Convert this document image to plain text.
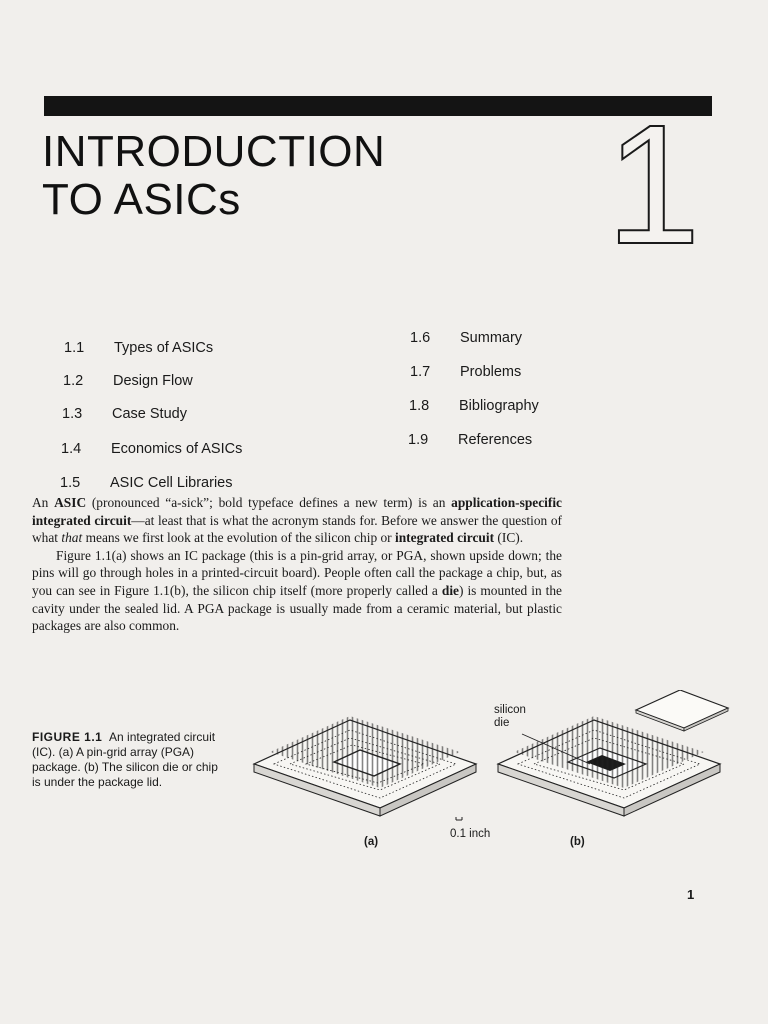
INTRODUCTION
TO ASICs	1
1.1 Types of ASICs
1.2 Design Flow
1.3 Case Study
1.4 Economics of ASICs
1.5 ASIC Cell Libraries
1.6 Summary
1.7 Problems
1.8 Bibliography
1.9 References

An ASIC (pronounced “a-sick”; bold typeface defines a new term) is an application-specific integrated circuit—at least that is what the acronym stands for. Before we answer the question of what that means we first look at the evolution of the silicon chip or integrated circuit (IC).

Figure 1.1(a) shows an IC package (this is a pin-grid array, or PGA, shown upside down; the pins will go through holes in a printed-circuit board). People often call the package a chip, but, as you can see in Figure 1.1(b), the silicon chip itself (more properly called a die) is mounted in the cavity under the sealed lid. A PGA package is usually made from a ceramic material, but plastic packages are also common.

FIGURE 1.1 An integrated circuit (IC). (a) A pin-grid array (PGA) package. (b) The silicon die or chip is under the package lid.
silicon
die
0.1 inch
(a)	(b)
1
